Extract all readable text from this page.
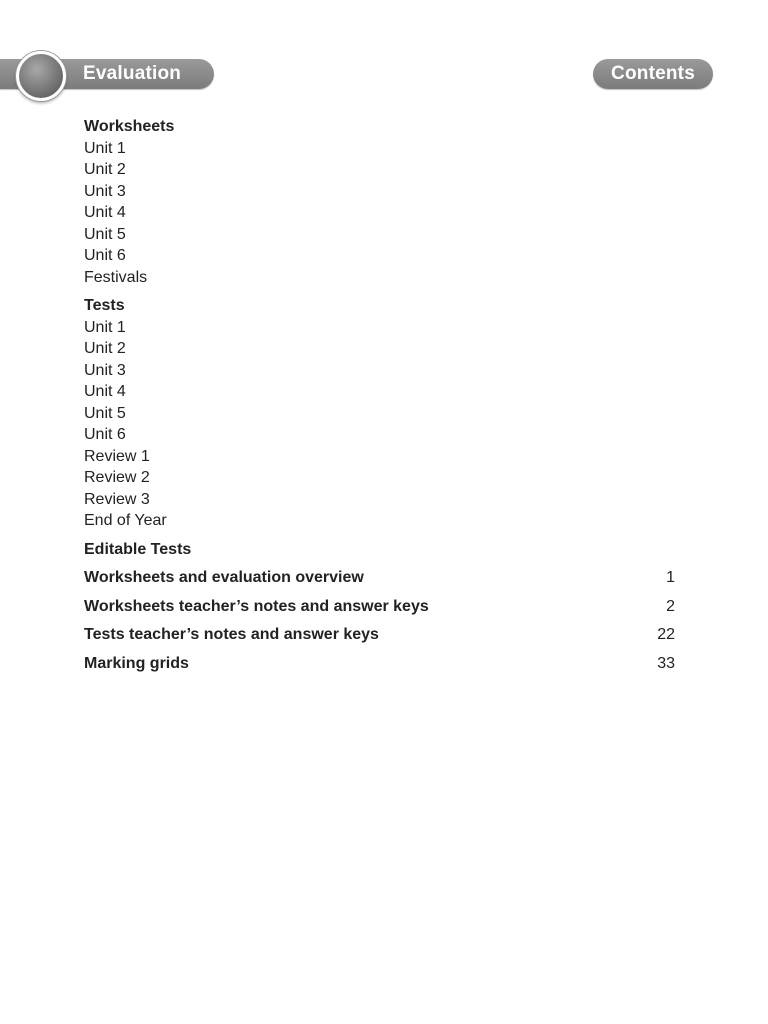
Evaluation	Contents
Worksheets
Unit 1
Unit 2
Unit 3
Unit 4
Unit 5
Unit 6
Festivals
Tests
Unit 1
Unit 2
Unit 3
Unit 4
Unit 5
Unit 6
Review 1
Review 2
Review 3
End of Year
Editable Tests
Worksheets and evaluation overview	1
Worksheets teacher’s notes and answer keys	2
Tests teacher’s notes and answer keys	22
Marking grids	33
